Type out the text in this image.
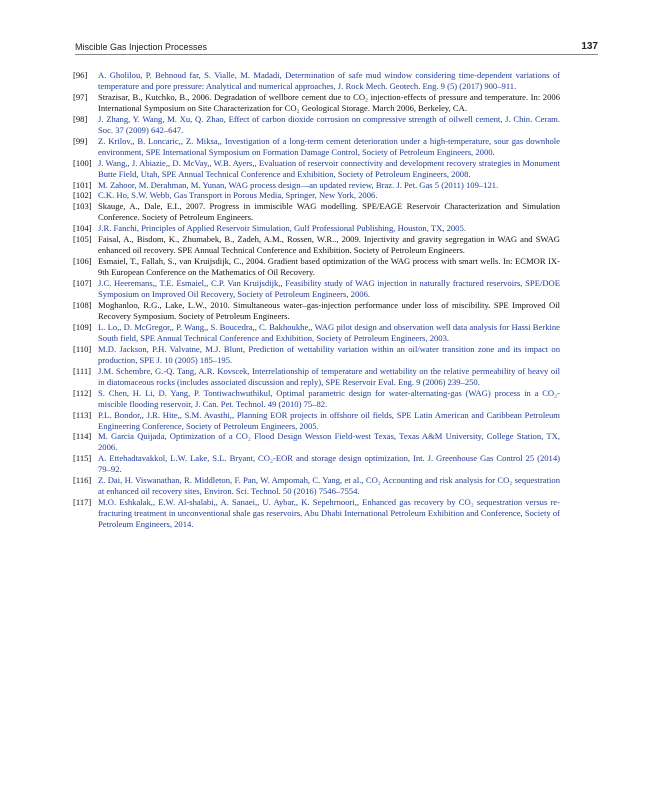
Miscible Gas Injection Processes	137
[96]	A. Gholilou, P. Behnoud far, S. Vialle, M. Madadi, Determination of safe mud window considering time-dependent variations of temperature and pore pressure: Analytical and numerical approaches, J. Rock Mech. Geotech. Eng. 9 (5) (2017) 900–911.
[97]	Strazisar, B., Kutchko, B., 2006. Degradation of wellbore cement due to CO₂ injection-effects of pressure and temperature. In: 2006 International Symposium on Site Characterization for CO₂ Geological Storage. March 2006, Berkeley, CA.
[98]	J. Zhang, Y. Wang, M. Xu, Q. Zhao, Effect of carbon dioxide corrosion on compressive strength of oilwell cement, J. Chin. Ceram. Soc. 37 (2009) 642–647.
[99]	Z. Krilov,, B. Loncaric,, Z. Miksa,, Investigation of a long-term cement deterioration under a high-temperature, sour gas downhole environment, SPE International Symposium on Formation Damage Control, Society of Petroleum Engineers, 2000.
[100] J. Wang,, J. Abiazie,, D. McVay,, W.B. Ayers,, Evaluation of reservoir connectivity and development recovery strategies in Monument Butte Field, Utah, SPE Annual Technical Conference and Exhibition, Society of Petroleum Engineers, 2008.
[101] M. Zahoor, M. Derahman, M. Yunan, WAG process design—an updated review, Braz. J. Pet. Gas 5 (2011) 109–121.
[102] C.K. Ho, S.W. Webb, Gas Transport in Porous Media, Springer, New York, 2006.
[103] Skauge, A., Dale, E.I., 2007. Progress in immiscible WAG modelling. SPE/EAGE Reservoir Characterization and Simulation Conference. Society of Petroleum Engineers.
[104] J.R. Fanchi, Principles of Applied Reservoir Simulation, Gulf Professional Publishing, Houston, TX, 2005.
[105] Faisal, A., Bisdom, K., Zhumabek, B., Zadeh, A.M., Rossen, W.R.., 2009. Injectivity and gravity segregation in WAG and SWAG enhanced oil recovery. SPE Annual Technical Conference and Exhibition. Society of Petroleum Engineers.
[106] Esmaiel, T., Fallah, S., van Kruijsdijk, C., 2004. Gradient based optimization of the WAG process with smart wells. In: ECMOR IX-9th European Conference on the Mathematics of Oil Recovery.
[107] J.C. Heeremans,, T.E. Esmaiel,, C.P. Van Kruijsdijk,, Feasibility study of WAG injection in naturally fractured reservoirs, SPE/DOE Symposium on Improved Oil Recovery, Society of Petroleum Engineers, 2006.
[108] Moghanloo, R.G., Lake, L.W., 2010. Simultaneous water–gas-injection performance under loss of miscibility. SPE Improved Oil Recovery Symposium. Society of Petroleum Engineers.
[109] L. Lo,, D. McGregor,, P. Wang,, S. Boucedra,, C. Bakhoukhe,, WAG pilot design and observation well data analysis for Hassi Berkine South field, SPE Annual Technical Conference and Exhibition, Society of Petroleum Engineers, 2003.
[110] M.D. Jackson, P.H. Valvatne, M.J. Blunt, Prediction of wettability variation within an oil/water transition zone and its impact on production, SPE J. 10 (2005) 185–195.
[111] J.M. Schembre, G.-Q. Tang, A.R. Kovscek, Interrelationship of temperature and wettability on the relative permeability of heavy oil in diatomaceous rocks (includes associated discussion and reply), SPE Reservoir Eval. Eng. 9 (2006) 239–250.
[112] S. Chen, H. Li, D. Yang, P. Tontiwachwuthikul, Optimal parametric design for water-alternating-gas (WAG) process in a CO₂-miscible flooding reservoir, J. Can. Pet. Technol. 49 (2010) 75–82.
[113] P.L. Bondor,, J.R. Hite,, S.M. Avasthi,, Planning EOR projects in offshore oil fields, SPE Latin American and Caribbean Petroleum Engineering Conference, Society of Petroleum Engineers, 2005.
[114] M. Garcia Quijada, Optimization of a CO₂ Flood Design Wesson Field-west Texas, Texas A&M University, College Station, TX, 2006.
[115] A. Ettehadtavakkol, L.W. Lake, S.L. Bryant, CO₂-EOR and storage design optimization, Int. J. Greenhouse Gas Control 25 (2014) 79–92.
[116] Z. Dai, H. Viswanathan, R. Middleton, F. Pan, W. Ampomah, C. Yang, et al., CO₂ Accounting and risk analysis for CO₂ sequestration at enhanced oil recovery sites, Environ. Sci. Technol. 50 (2016) 7546–7554.
[117] M.O. Eshkalak,, E.W. Al-shalabi,, A. Sanaei,, U. Aybar,, K. Sepehrnoori,, Enhanced gas recovery by CO₂ sequestration versus re-fracturing treatment in unconventional shale gas reservoirs, Abu Dhabi International Petroleum Exhibition and Conference, Society of Petroleum Engineers, 2014.
